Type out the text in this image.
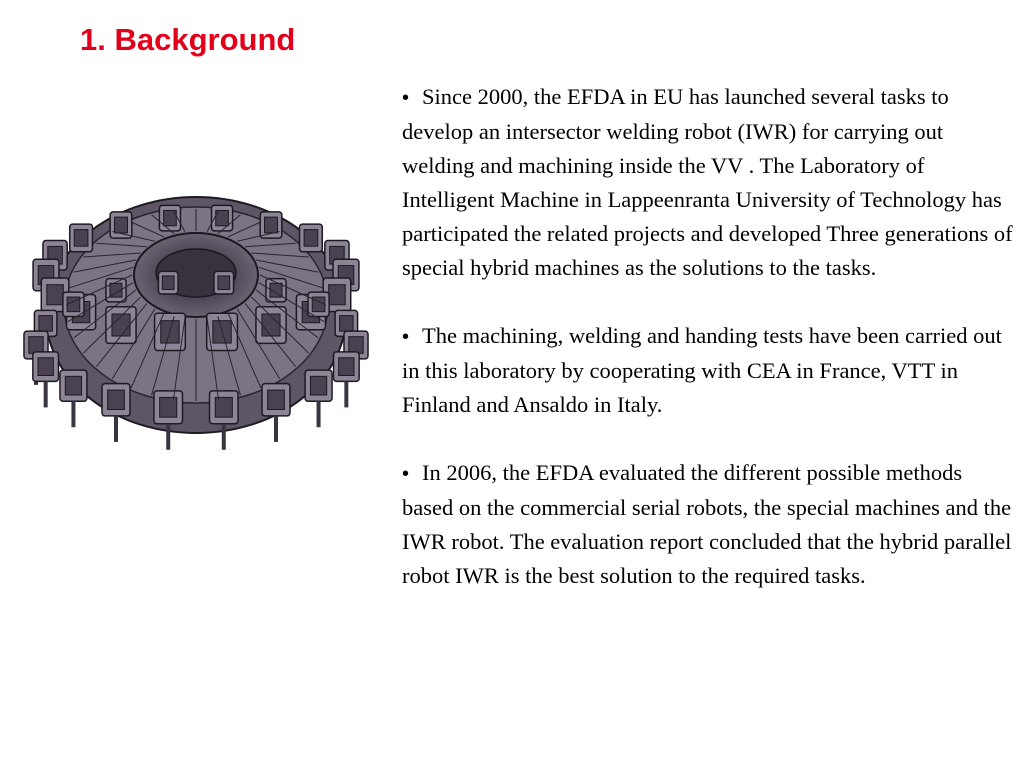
1. Background

• Since 2000, the EFDA in EU has launched several tasks to develop an intersector welding robot (IWR) for carrying out welding and machining inside the VV . The Laboratory of Intelligent Machine in Lappeenranta University of Technology has participated the related projects and developed Three generations of special hybrid machines as the solutions to the tasks.

• The machining, welding and handing tests have been carried out in this laboratory by cooperating with CEA in France, VTT in Finland and Ansaldo in Italy.

• In 2006, the EFDA evaluated the different possible methods based on the commercial serial robots, the special machines and the IWR robot. The evaluation report concluded that the hybrid parallel robot IWR is the best solution to the required tasks.
